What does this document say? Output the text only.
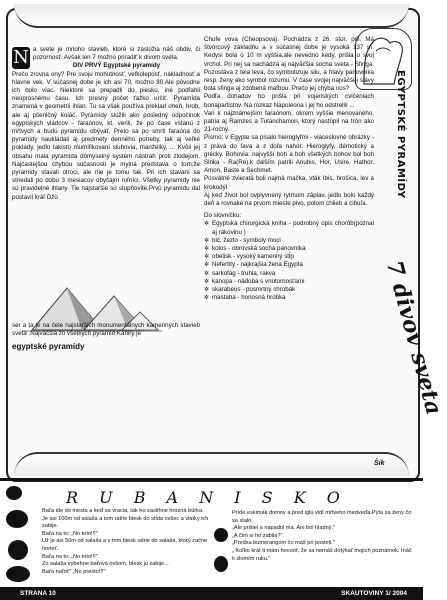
N a svete je mnoho stavieb, ktoré si zaslúžia náš obdiv, či pozornosť. Avšak len 7 možno priradiť k divom sveta.
DIV PRVÝ Egyptské pyramídy
Prečo zrovna ony? Pre svoju mohutnosť, veľkoleposť, nákladnosť a hlavne vek. V súčasnej dobe je ich asi 70, možno 80.Ale pôvodne ich bolo viac. Niektoré sa prepadli do piesku, iné podľahli neúprosnému času. Ich presný počet ťažko určiť. Pyramída znamená v geometrii ihlan. Tu sa však používa preklad oheň, hrob, ale aj pšeničný koláč. Pyramídy slúžili ako posledný odpočinok egyptských vládcov - faraónov, kt. verili, že po čase vstanú z mŕtvych a budú pyramídu obývať. Preto sa po smrti faraóna do pyramídy naukladali aj predmety denného potreby, tak aj veľké poklady, jedlo takisto mumifikovaní sluhovia, manželky, ... Kvôli jej obsahu mala pyramída dômyselný systém nástrah proti zlodejom. Najčastejšou chybou súčasnosti je mylná predstava o tom,že pyramídy stavali otroci, ale nie je tomu tak. Pri ich stavaní sa striedali po dobu 3 mesiacov obyčajní roľníci. Všetky pyramídy nie sú pravidelné ihlany. Tie najstaršie sú stupňovité.Prvú pyramídu dal postavil kráľ Džo
ser a ta je na čele najstarších monumentálnych kamenných stavieb sveta .Najväčšia zo všetkých pyramíd Káhiry je
egyptské pyramídy
Chufe vova (Cheopsova). Pochádza z 26. stor. pnl. Má štvorcový základňu a v súčasnej dobe je vysoká 137 m. Kedysi bola o 10 m vyššia,ale nevedno kedy, prišla o svoj vrchol. Pri nej sa nachádza aj najväčšia socha sveta - Sfinga. Pozostáva z tela leva, čo symbolizuje silu, a hlavy panovníka resp. ženy ako symbol rozumu. V čase svojej najväčšej slávy bola sfinga aj zdobená maľbou. Prečo jej chýba nos?
Podľa dohadov ho prišla pri vojenských cvičeniach bonapartistov. Na rozkaz Napoleona i jej ho odstrelili ...
Vari k najznámejším faraónom, okrem vyššie menovaného, patria aj Ramzes a Tutanchamon, ktorý nastúpil na trón ako 21-ročný.
Písmo: v Egypte sa písalo hieroglyfmi - viaceslovné obrázky - z pravá do ľava a z doľa nahor. Hieroglyfy, démotický a grécky. Bohovia: najvyšší boh a boh všetkých bohov bol boh Slnka - Ra(Re),k dalším patrili Anubis, Hor, Usire, Hathor, Amon, Baste a Sechmet.
Posvätné zvieratá boli najmä mačka, vták Ibis, hrošica, lev a krokodýl.
Aj keď život bol ovplyvnený rytmom záplav, jedlo bolo každý deň a rovnaké:na prvom mieste pivo, potom chlieb a cibuľa.
Do slovníčku:
✲ Egyptská chirurgická kniha - podrobný opis chorôb(poznal aj rakovinu )
✲ bič, žezlo - symboly moci
✲ kolos - obrovská socha panovníka
✲ obelisk - vysoký kamenný stĺp
✲ Nefertity - najkrajšia žena Egypta
✲ sarkofág - truhla, rakva
✲ kanopa - nádoba s vnútornosťami
✲ skarabeus - posmrtný chrobák
✲ mastaba - honosná hrobka
EGYPTSKÉ PYRAMÍDY
7 divov sveta
Šik
R U B A N I S K O
Baťa ide do mesta a keď sa vracia, tak ho zastihne hrozná búrka.
Je asi 100m od salaša a tom udrie blesk do stĺda ovšec a viatky ich zabije.
Baťa na to: „No toto!!!"
Už je asi 50m od salaša a v tom blesk udrie do salaša, ktorý začne horieť.
Baťa na to: „No toto!!!"
Zo salaša vybehne baťová ovšom, blesk ju zabije...
Baťa naťoť" „No presto!!!"
Príde eskimák domov a pred iglú vidí mŕtveho medveďa.Pýta sa ženy čo sa stalo.
„Ale prišiel a napadol ma. Ani bol hladný."
„A čím si ho zabila?"
„Predsa bumerangom čo máš pri posteli."
„ Koľko krát ti mám hovoriť, že sa nemáš dotýkať mojich poznámok. Ináč ti zlomím ruku."
STRANA 10	SKAUTOVINY 1/ 2004
